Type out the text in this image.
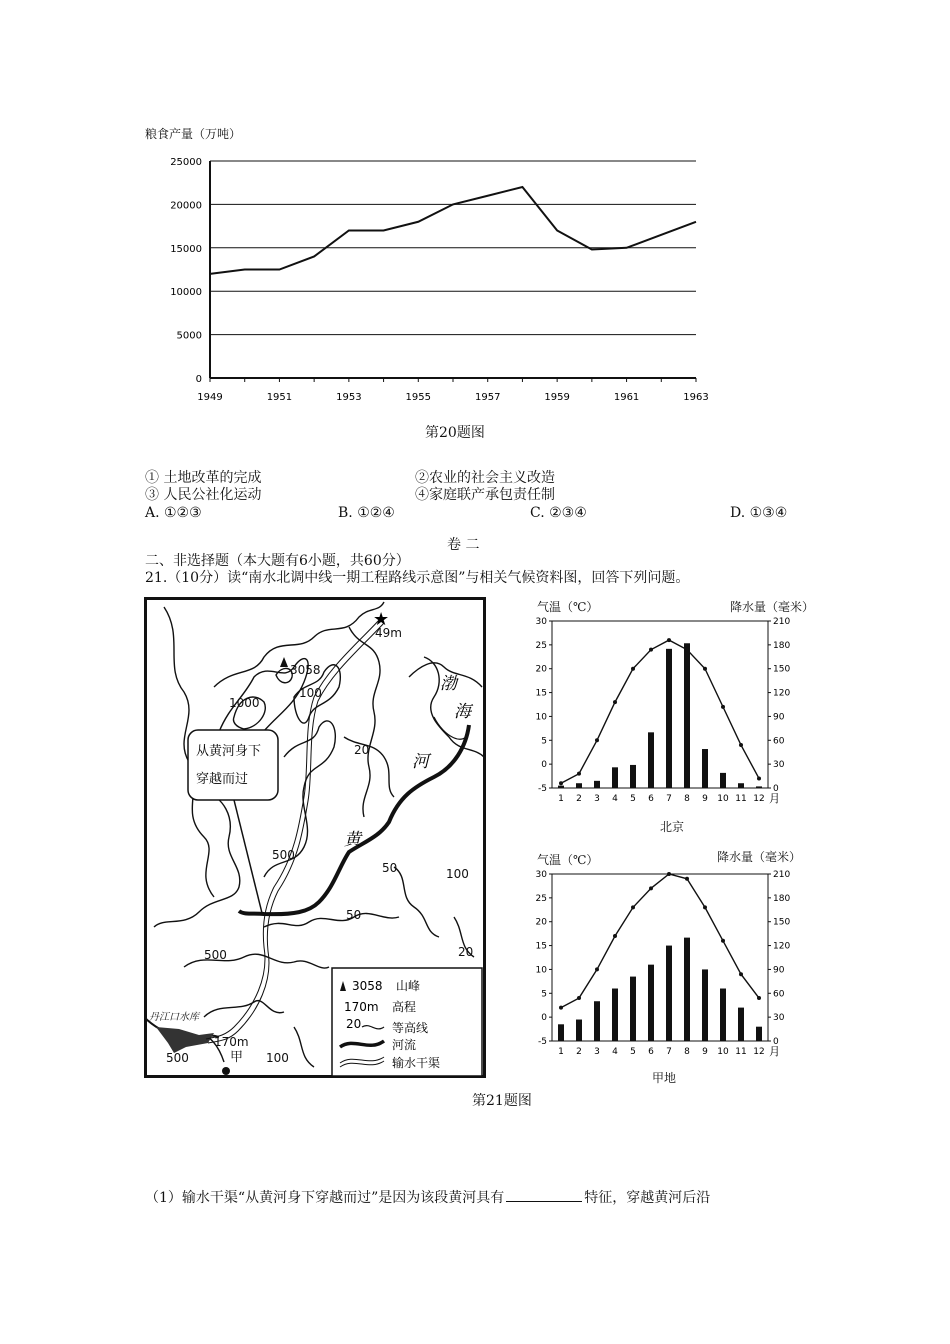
粮食产量（万吨）
0
5000
10000
15000
20000
25000
1949	1951	1953	1955	1957	1959	1961	1963
第20题图
① 土地改革的完成	②农业的社会主义改造
③ 人民公社化运动	④家庭联产承包责任制
A. ①②③	B. ①②④	C. ②③④	D. ①③④
卷 二
二、非选择题（本大题有6小题，共60分）
21.（10分）读“南水北调中线一期工程路线示意图”与相关气候资料图，回答下列问题。
★
从黄河身下
穿越而过
3058
49m
1000
100
20
500
50	100
50
500	20
500	100
170m
甲
丹江口水库
渤
海
河
黄
3058 山峰
170m 高程
20	等高线
河流
输水干渠
气温（℃）	降水量（毫米）
-5
0
5
10
15
20
25
30
0
30
60
90
120
150
180
210
1 2 3 4 5 6 7 8 9 10 11 12 月
北京
气温（℃）	降水量（毫米）
-5
0
5
10
15
20
25
30
0
30
60
90
120
150
180
210
1 2 3 4 5 6 7 8 9 10 11 12 月
甲地
第21题图
（1）输水干渠“从黄河身下穿越而过”是因为该段黄河具有	特征，穿越黄河后沿
